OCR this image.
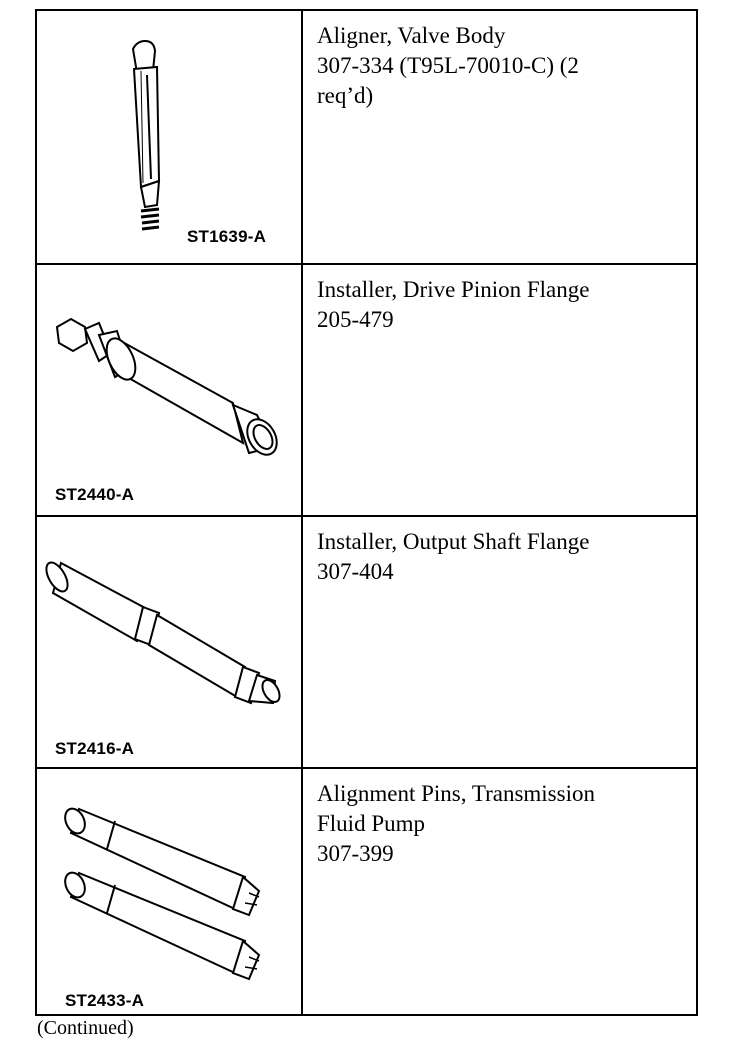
ST1639-A
Aligner, Valve Body
307-334 (T95L-70010-C) (2
req’d)
ST2440-A
Installer, Drive Pinion Flange
205-479
ST2416-A
Installer, Output Shaft Flange
307-404
ST2433-A
Alignment Pins, Transmission
Fluid Pump
307-399
(Continued)
